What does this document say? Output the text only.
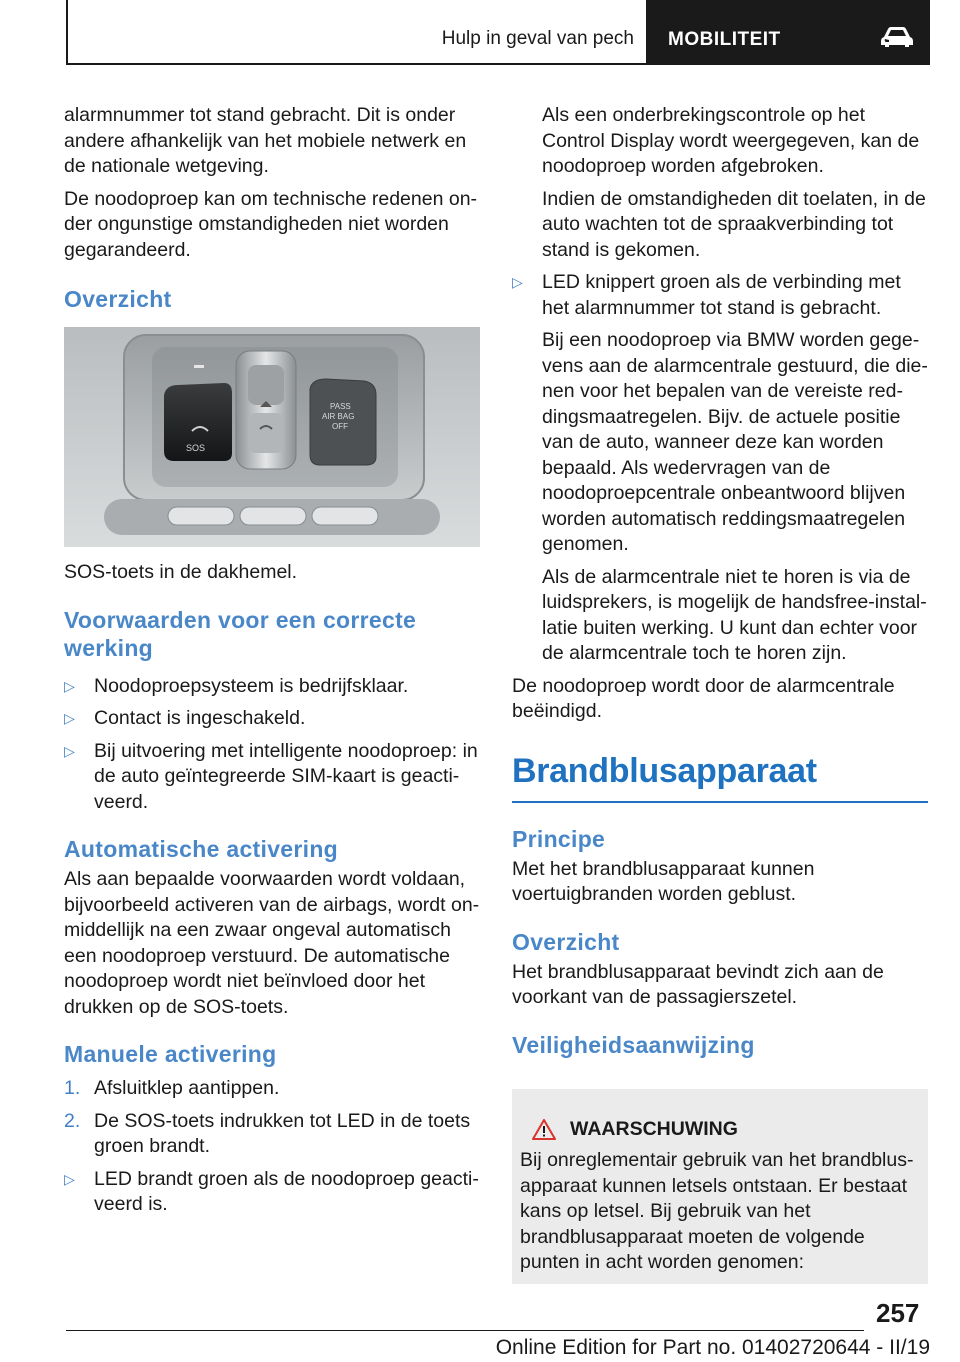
Hulp in geval van pech MOBILITEIT

alarmnummer tot stand gebracht. Dit is onder andere afhankelijk van het mobiele netwerk en de nationale wetgeving.

De noodoproep kan om technische redenen onder ongunstige omstandigheden niet worden gegarandeerd.

Overzicht
SOS
PASS
AIR BAG
OFF

SOS-toets in de dakhemel.

Voorwaarden voor een correcte werking
▷ Noodoproepsysteem is bedrijfsklaar.
▷ Contact is ingeschakeld.
▷ Bij uitvoering met intelligente noodoproep: in de auto geïntegreerde SIM-kaart is geactiveerd.
Automatische activering

Als aan bepaalde voorwaarden wordt voldaan, bijvoorbeeld activeren van de airbags, wordt onmiddellijk na een zwaar ongeval automatisch een noodoproep verstuurd. De automatische noodoproep wordt niet beïnvloed door het drukken op de SOS-toets.

Manuele activering
1. Afsluitklep aantippen.
2. De SOS-toets indrukken tot LED in de toets groen brandt.
▷ LED brandt groen als de noodoproep geactiveerd is.

Als een onderbrekingscontrole op het Control Display wordt weergegeven, kan de noodoproep worden afgebroken.

Indien de omstandigheden dit toelaten, in de auto wachten tot de spraakverbinding tot stand is gekomen.

▷ LED knippert groen als de verbinding met het alarmnummer tot stand is gebracht.

Bij een noodoproep via BMW worden gegevens aan de alarmcentrale gestuurd, die dienen voor het bepalen van de vereiste reddingsmaatregelen. Bijv. de actuele positie van de auto, wanneer deze kan worden bepaald. Als wedervragen van de noodoproepcentrale onbeantwoord blijven worden automatisch reddingsmaatregelen genomen.

Als de alarmcentrale niet te horen is via de luidsprekers, is mogelijk de handsfree-installatie buiten werking. U kunt dan echter voor de alarmcentrale toch te horen zijn.

De noodoproep wordt door de alarmcentrale beëindigd.

Brandblusapparaat
Principe

Met het brandblusapparaat kunnen voertuigbranden worden geblust.

Overzicht

Het brandblusapparaat bevindt zich aan de voorkant van de passagierszetel.

Veiligheidsaanwijzing
WAARSCHUWING

Bij onreglementair gebruik van het brandblusapparaat kunnen letsels ontstaan. Er bestaat kans op letsel. Bij gebruik van het brandblusapparaat moeten de volgende punten in acht worden genomen:

257
Online Edition for Part no. 01402720644 - II/19
